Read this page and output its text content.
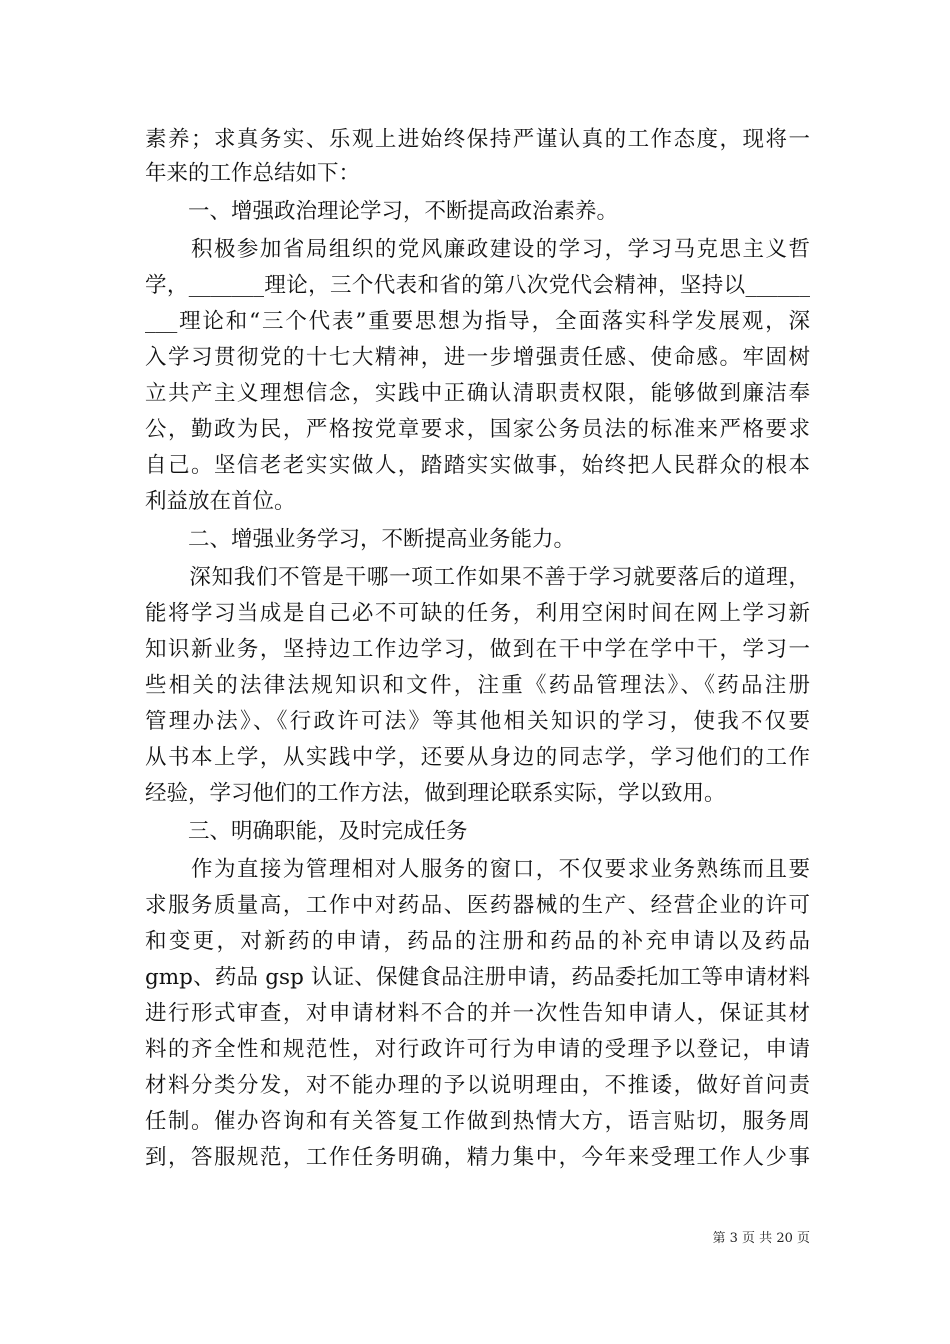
素养；求真务实、乐观上进始终保持严谨认真的工作态度，现将一
年来的工作总结如下：
　　一、增强政治理论学习，不断提高政治素养。
　　积极参加省局组织的党风廉政建设的学习，学习马克思主义哲
学，_______理论，三个代表和省的第八次党代会精神，坚持以______
___理论和“三个代表”重要思想为指导，全面落实科学发展观，深
入学习贯彻党的十七大精神，进一步增强责任感、使命感。牢固树
立共产主义理想信念，实践中正确认清职责权限，能够做到廉洁奉
公，勤政为民，严格按党章要求，国家公务员法的标准来严格要求
自己。坚信老老实实做人，踏踏实实做事，始终把人民群众的根本
利益放在首位。
　　二、增强业务学习，不断提高业务能力。
　　深知我们不管是干哪一项工作如果不善于学习就要落后的道理，
能将学习当成是自己必不可缺的任务，利用空闲时间在网上学习新
知识新业务，坚持边工作边学习，做到在干中学在学中干，学习一
些相关的法律法规知识和文件，注重《药品管理法》、《药品注册
管理办法》、《行政许可法》等其他相关知识的学习，使我不仅要
从书本上学，从实践中学，还要从身边的同志学，学习他们的工作
经验，学习他们的工作方法，做到理论联系实际，学以致用。
　　三、明确职能，及时完成任务
　　作为直接为管理相对人服务的窗口，不仅要求业务熟练而且要
求服务质量高，工作中对药品、医药器械的生产、经营企业的许可
和变更，对新药的申请，药品的注册和药品的补充申请以及药品
gmp、药品 gsp 认证、保健食品注册申请，药品委托加工等申请材料
进行形式审查，对申请材料不合的并一次性告知申请人，保证其材
料的齐全性和规范性，对行政许可行为申请的受理予以登记，申请
材料分类分发，对不能办理的予以说明理由，不推诿，做好首问责
任制。催办咨询和有关答复工作做到热情大方，语言贴切，服务周
到，答服规范，工作任务明确，精力集中，今年来受理工作人少事
第 3 页 共 20 页
